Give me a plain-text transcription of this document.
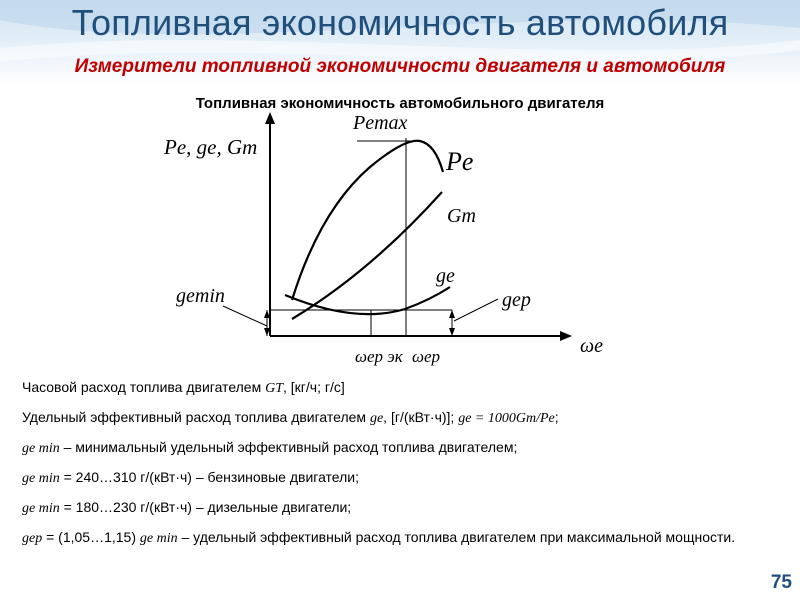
Топливная экономичность автомобиля
Измерители топливной экономичности двигателя и автомобиля
Топливная экономичность автомобильного двигателя
Pe, ge, Gт
Pemax
Pe
Gт
ge
gep
gemin
ωe
ωep эк ωep
Часовой расход топлива двигателем GT, [кг/ч; г/с]
Удельный эффективный расход топлива двигателем ge, [г/(кВт·ч)]; ge = 1000Gт/Pe;
ge min – минимальный удельный эффективный расход топлива двигателем;
ge min = 240…310 г/(кВт·ч) – бензиновые двигатели;
ge min = 180…230 г/(кВт·ч) – дизельные двигатели;
gep = (1,05…1,15) ge min – удельный эффективный расход топлива двигателем при максимальной мощности.
75
